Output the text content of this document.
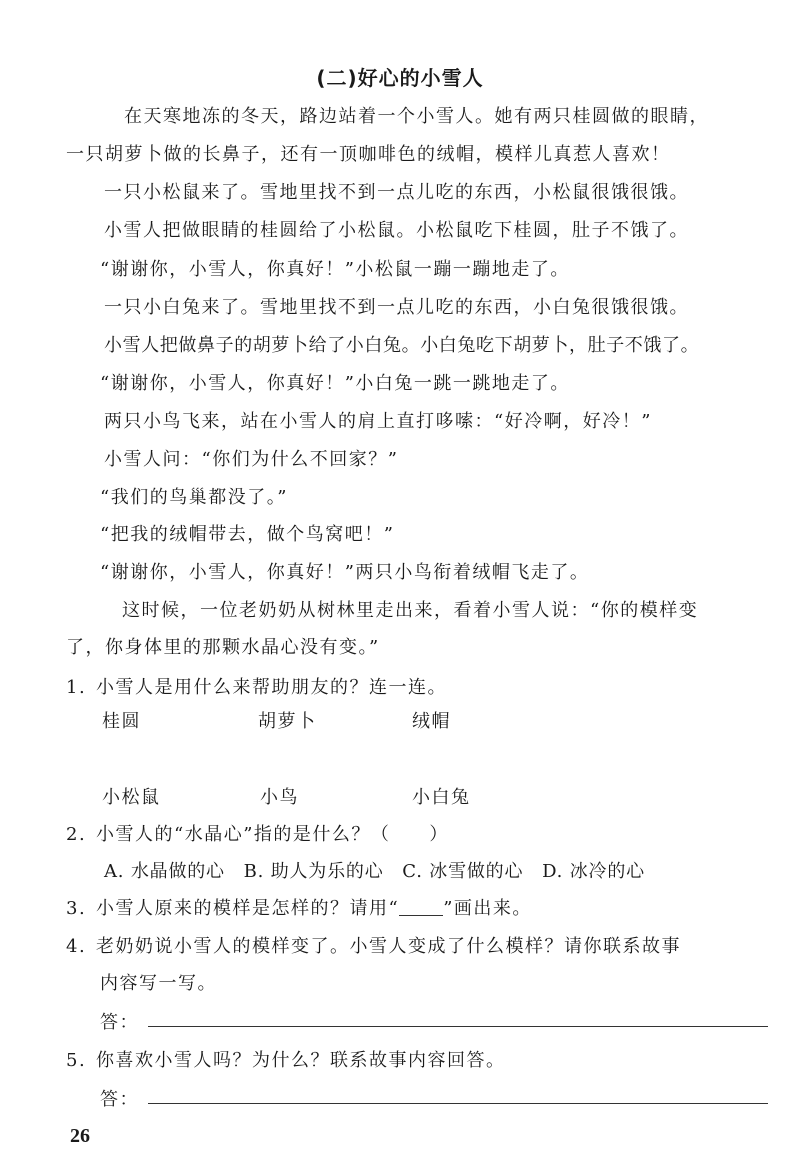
(二)好心的小雪人
在天寒地冻的冬天，路边站着一个小雪人。她有两只桂圆做的眼睛，
一只胡萝卜做的长鼻子，还有一顶咖啡色的绒帽，模样儿真惹人喜欢！
一只小松鼠来了。雪地里找不到一点儿吃的东西，小松鼠很饿很饿。
小雪人把做眼睛的桂圆给了小松鼠。小松鼠吃下桂圆，肚子不饿了。
“谢谢你，小雪人，你真好！”小松鼠一蹦一蹦地走了。
一只小白兔来了。雪地里找不到一点儿吃的东西，小白兔很饿很饿。
小雪人把做鼻子的胡萝卜给了小白兔。小白兔吃下胡萝卜，肚子不饿了。
“谢谢你，小雪人，你真好！”小白兔一跳一跳地走了。
两只小鸟飞来，站在小雪人的肩上直打哆嗦：“好冷啊，好冷！”
小雪人问：“你们为什么不回家？”
“我们的鸟巢都没了。”
“把我的绒帽带去，做个鸟窝吧！”
“谢谢你，小雪人，你真好！”两只小鸟衔着绒帽飞走了。
这时候，一位老奶奶从树林里走出来，看着小雪人说：“你的模样变
了，你身体里的那颗水晶心没有变。”
1. 小雪人是用什么来帮助朋友的？连一连。
桂圆	胡萝卜	绒帽
小松鼠	小鸟	小白兔
2. 小雪人的“水晶心”指的是什么？（　　）
A. 水晶做的心　B. 助人为乐的心　C. 冰雪做的心　D. 冰冷的心
3. 小雪人原来的模样是怎样的？请用“ ”画出来。
4. 老奶奶说小雪人的模样变了。小雪人变成了什么模样？请你联系故事
内容写一写。
答：
5. 你喜欢小雪人吗？为什么？联系故事内容回答。
答：
26
